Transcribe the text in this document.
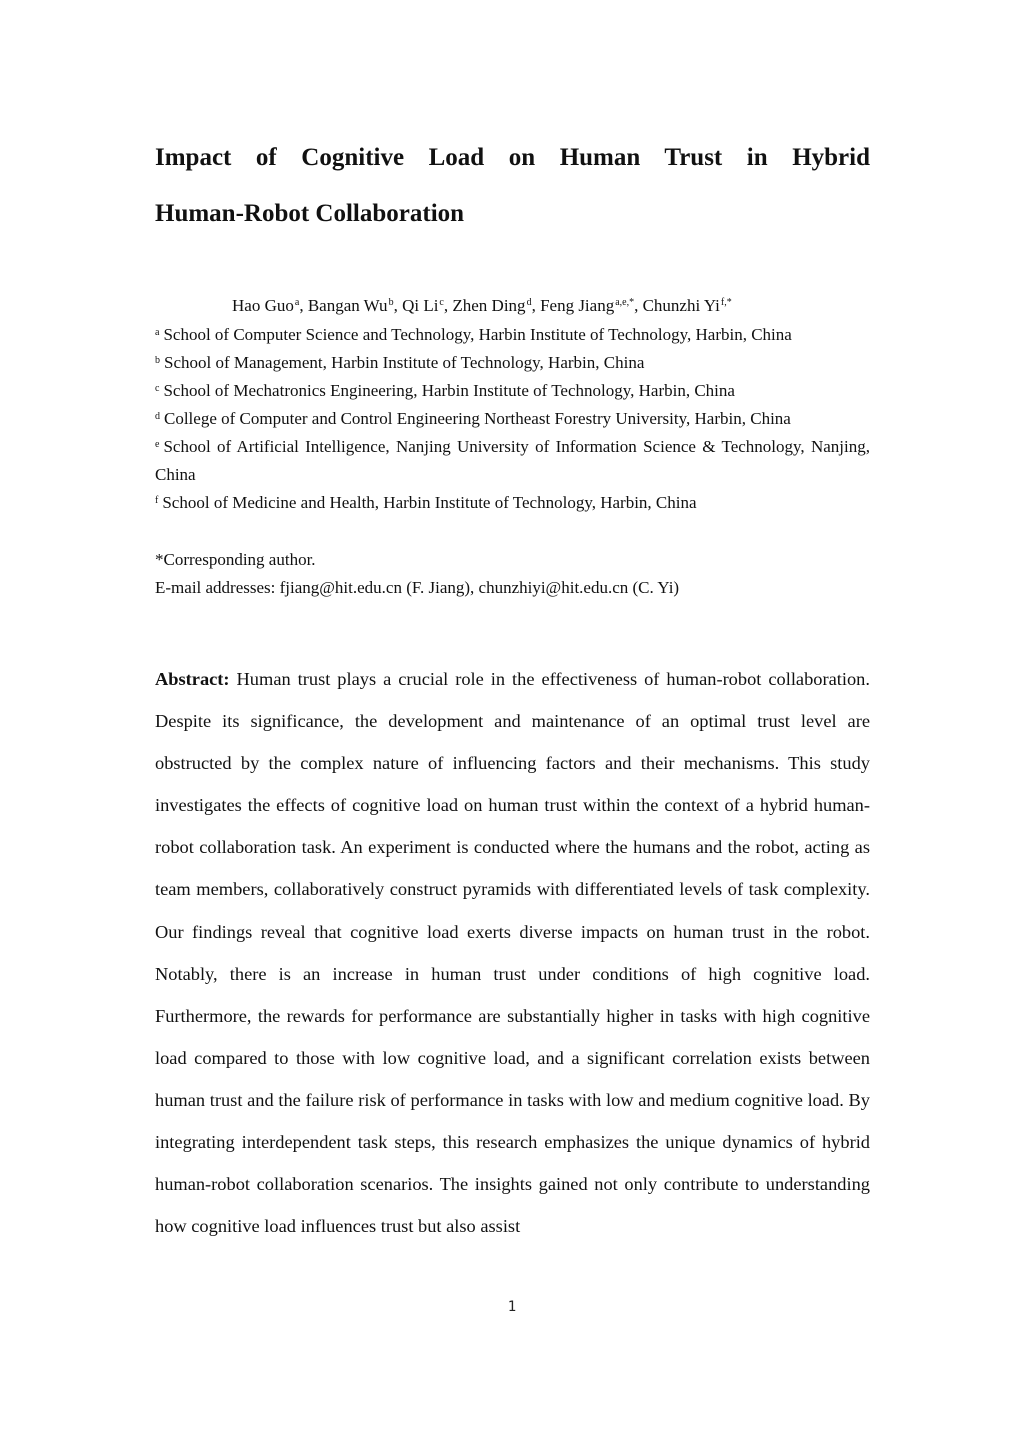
Impact of Cognitive Load on Human Trust in Hybrid
Human-Robot Collaboration
Hao Guo$^a$, Bangan Wu$^b$, Qi Li$^c$, Zhen Ding$^d$, Feng Jiang$^{a,e,*}$, Chunzhi $Yi^{f,*}$
$^a$ School of Computer Science and Technology, Harbin Institute of Technology, Harbin, China
$^b$ School of Management, Harbin Institute of Technology, Harbin, China
$^c$ School of Mechatronics Engineering, Harbin Institute of Technology, Harbin, China
$^d$ College of Computer and Control Engineering Northeast Forestry University, Harbin, China
$^e$ School of Artificial Intelligence, Nanjing University of Information Science & Technology, Nanjing, China
$^f$ School of Medicine and Health, Harbin Institute of Technology, Harbin, China
*Corresponding author.
E-mail addresses: fjiang@hit.edu.cn (F. Jiang), chunzhiyi@hit.edu.cn (C. Yi)

Abstract: Human trust plays a crucial role in the effectiveness of human-robot collaboration. Despite its significance, the development and maintenance of an optimal trust level are obstructed by the complex nature of influencing factors and their mechanisms. This study investigates the effects of cognitive load on human trust within the context of a hybrid human-robot collaboration task. An experiment is conducted where the humans and the robot, acting as team members, collaboratively construct pyramids with differentiated levels of task complexity. Our findings reveal that cognitive load exerts diverse impacts on human trust in the robot. Notably, there is an increase in human trust under conditions of high cognitive load. Furthermore, the rewards for performance are substantially higher in tasks with high cognitive load compared to those with low cognitive load, and a significant correlation exists between human trust and the failure risk of performance in tasks with low and medium cognitive load. By integrating interdependent task steps, this research emphasizes the unique dynamics of hybrid human-robot collaboration scenarios. The insights gained not only contribute to understanding how cognitive load influences trust but also assist

1
